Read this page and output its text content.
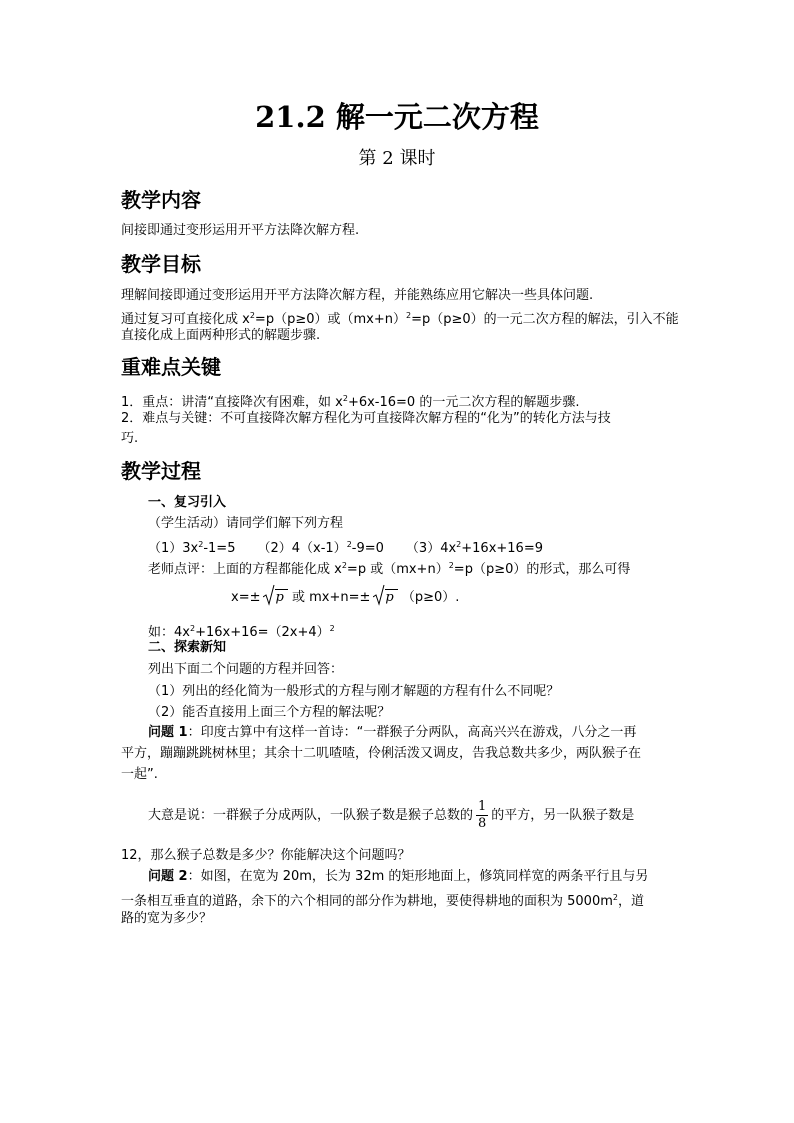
21.2 解一元二次方程
第 2 课时
教学内容
间接即通过变形运用开平方法降次解方程.
教学目标
理解间接即通过变形运用开平方法降次解方程，并能熟练应用它解决一些具体问题.
通过复习可直接化成 $x^2=p(p\ge 0)$或$(mx+n)^2=p(p\ge 0)$的一元二次方程的解法，引入不能
直接化成上面两种形式的解题步骤.
重难点关键
1．重点：讲清“直接降次有困难，如 $x^2+6x-16=0$ 的一元二次方程的解题步骤.
2．难点与关键：不可直接降次解方程化为可直接降次解方程的“化为”的转化方法与技
巧.
教学过程
一、复习引入
（学生活动）请同学们解下列方程
$(1)3x^2-1=5$ $(2)4(x-1)^2-9=0$ $(3)4x^2+16x+16=9$
老师点评：上面的方程都能化成 $x^2=p$ 或$(mx+n)^2=p(p\ge 0)$的形式，那么可得
x=± p 或 mx+n=± p （p≥0）.
如：$4x^2+16x+16=(2x+4)^2$
二、探索新知
列出下面二个问题的方程并回答：
（1）列出的经化简为一般形式的方程与刚才解题的方程有什么不同呢？
（2）能否直接用上面三个方程的解法呢？
问题 1：印度古算中有这样一首诗：“一群猴子分两队，高高兴兴在游戏，八分之一再
平方，蹦蹦跳跳树林里；其余十二叽喳喳，伶俐活泼又调皮，告我总数共多少，两队猴子在
一起”.
大意是说：一群猴子分成两队，一队猴子数是猴子总数的 $\frac{1}{8}$ 的平方，另一队猴子数是
12，那么猴子总数是多少？你能解决这个问题吗？
问题 2：如图，在宽为 20m，长为 32m 的矩形地面上，修筑同样宽的两条平行且与另
一条相互垂直的道路，余下的六个相同的部分作为耕地，要使得耕地的面积为 $5000m^2$，道
路的宽为多少？
